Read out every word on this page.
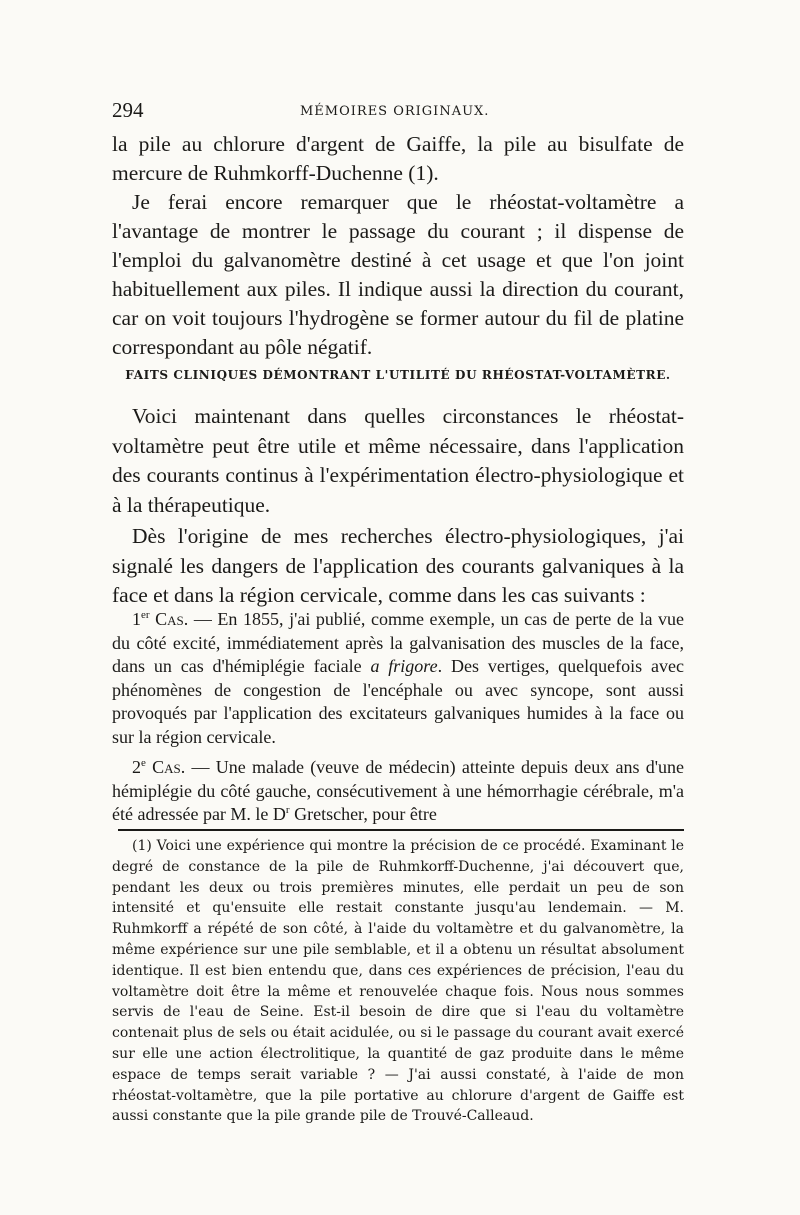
294	MÉMOIRES ORIGINAUX.

la pile au chlorure d'argent de Gaiffe, la pile au bisulfate de mercure de Ruhmkorff-Duchenne (1).

Je ferai encore remarquer que le rhéostat-voltamètre a l'avantage de montrer le passage du courant ; il dispense de l'emploi du galvanomètre destiné à cet usage et que l'on joint habituellement aux piles. Il indique aussi la direction du courant, car on voit toujours l'hydrogène se former autour du fil de platine correspondant au pôle négatif.

FAITS CLINIQUES DÉMONTRANT L'UTILITÉ DU RHÉOSTAT-VOLTAMÈTRE.

Voici maintenant dans quelles circonstances le rhéostat-voltamètre peut être utile et même nécessaire, dans l'application des courants continus à l'expérimentation électro-physiologique et à la thérapeutique.

Dès l'origine de mes recherches électro-physiologiques, j'ai signalé les dangers de l'application des courants galvaniques à la face et dans la région cervicale, comme dans les cas suivants :

1er Cas. — En 1855, j'ai publié, comme exemple, un cas de perte de la vue du côté excité, immédiatement après la galvanisation des muscles de la face, dans un cas d'hémiplégie faciale a frigore. Des vertiges, quelquefois avec phénomènes de congestion de l'encéphale ou avec syncope, sont aussi provoqués par l'application des excitateurs galvaniques humides à la face ou sur la région cervicale.

2e Cas. — Une malade (veuve de médecin) atteinte depuis deux ans d'une hémiplégie du côté gauche, consécutivement à une hémorrhagie cérébrale, m'a été adressée par M. le $D^r$ Gretscher, pour être

(1) Voici une expérience qui montre la précision de ce procédé. Examinant le degré de constance de la pile de Ruhmkorff-Duchenne, j'ai découvert que, pendant les deux ou trois premières minutes, elle perdait un peu de son intensité et qu'ensuite elle restait constante jusqu'au lendemain. — M. Ruhmkorff a répété de son côté, à l'aide du voltamètre et du galvanomètre, la même expérience sur une pile semblable, et il a obtenu un résultat absolument identique. Il est bien entendu que, dans ces expériences de précision, l'eau du voltamètre doit être la même et renouvelée chaque fois. Nous nous sommes servis de l'eau de Seine. Est-il besoin de dire que si l'eau du voltamètre contenait plus de sels ou était acidulée, ou si le passage du courant avait exercé sur elle une action électrolitique, la quantité de gaz produite dans le même espace de temps serait variable ? — J'ai aussi constaté, à l'aide de mon rhéostat-voltamètre, que la pile portative au chlorure d'argent de Gaiffe est aussi constante que la pile grande pile de Trouvé-Calleaud.
